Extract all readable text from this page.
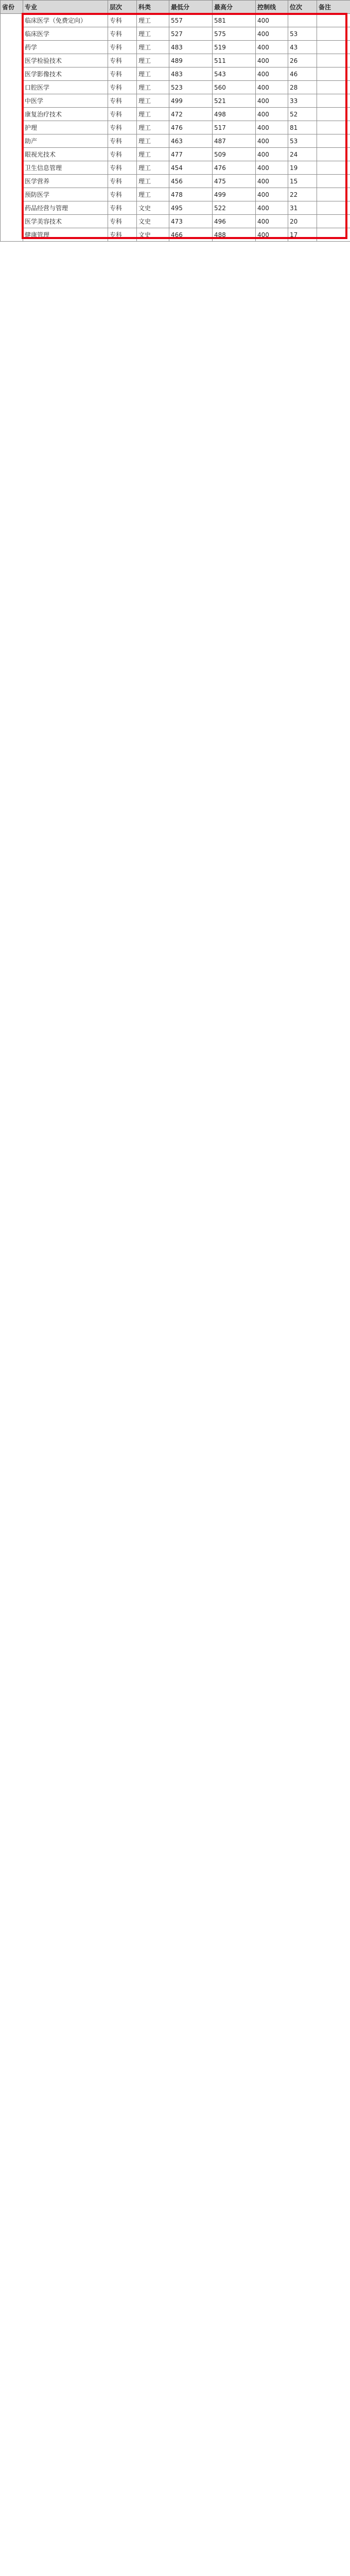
省份	专业	层次	科类	最低分	最高分	控制线	位次	备注
	临床医学（免费定向）	专科	理工	557	581	400		
	临床医学	专科	理工	527	575	400	53	
	药学	专科	理工	483	519	400	43	
	医学检验技术	专科	理工	489	511	400	26	
	医学影像技术	专科	理工	483	543	400	46	
	口腔医学	专科	理工	523	560	400	28	
	中医学	专科	理工	499	521	400	33	
	康复治疗技术	专科	理工	472	498	400	52	
	护理	专科	理工	476	517	400	81	
	助产	专科	理工	463	487	400	53	
	眼视光技术	专科	理工	477	509	400	24	
	卫生信息管理	专科	理工	454	476	400	19	
	医学营养	专科	理工	456	475	400	15	
	预防医学	专科	理工	478	499	400	22	
	药品经营与管理	专科	文史	495	522	400	31	
	医学美容技术	专科	文史	473	496	400	20	
	健康管理	专科	文史	466	488	400	17	
